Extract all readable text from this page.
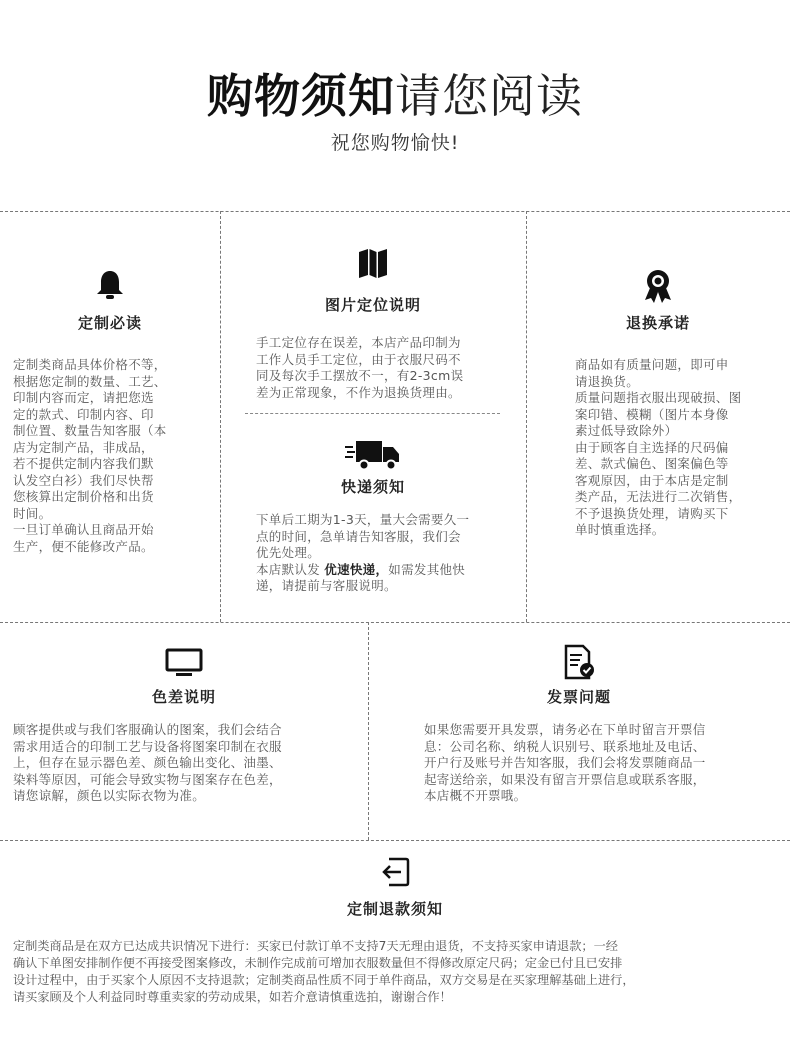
购物须知请您阅读
祝您购物愉快!
定制必读
定制类商品具体价格不等，
根据您定制的数量、工艺、
印制内容而定，请把您选
定的款式、印制内容、印
制位置、数量告知客服（本
店为定制产品，非成品，
若不提供定制内容我们默
认发空白衫）我们尽快帮
您核算出定制价格和出货
时间。
一旦订单确认且商品开始
生产，便不能修改产品。
图片定位说明
手工定位存在误差，本店产品印制为
工作人员手工定位，由于衣服尺码不
同及每次手工摆放不一，有2-3cm误
差为正常现象，不作为退换货理由。
快递须知
下单后工期为1-3天，量大会需要久一
点的时间，急单请告知客服，我们会
优先处理。
本店默认发 优速快递，如需发其他快
递，请提前与客服说明。
退换承诺
商品如有质量问题，即可申
请退换货。
质量问题指衣服出现破损、图
案印错、模糊（图片本身像
素过低导致除外）
由于顾客自主选择的尺码偏
差、款式偏色、图案偏色等
客观原因，由于本店是定制
类产品，无法进行二次销售，
不予退换货处理，请购买下
单时慎重选择。
色差说明
顾客提供或与我们客服确认的图案，我们会结合
需求用适合的印制工艺与设备将图案印制在衣服
上，但存在显示器色差、颜色输出变化、油墨、
染料等原因，可能会导致实物与图案存在色差，
请您谅解，颜色以实际衣物为准。
发票问题
如果您需要开具发票，请务必在下单时留言开票信
息：公司名称、纳税人识别号、联系地址及电话、
开户行及账号并告知客服，我们会将发票随商品一
起寄送给亲，如果没有留言开票信息或联系客服，
本店概不开票哦。
定制退款须知
定制类商品是在双方已达成共识情况下进行：买家已付款订单不支持7天无理由退货，不支持买家申请退款；一经
确认下单图安排制作便不再接受图案修改，未制作完成前可增加衣服数量但不得修改原定尺码；定金已付且已安排
设计过程中，由于买家个人原因不支持退款；定制类商品性质不同于单件商品，双方交易是在买家理解基础上进行，
请买家顾及个人利益同时尊重卖家的劳动成果，如若介意请慎重选拍，谢谢合作！
